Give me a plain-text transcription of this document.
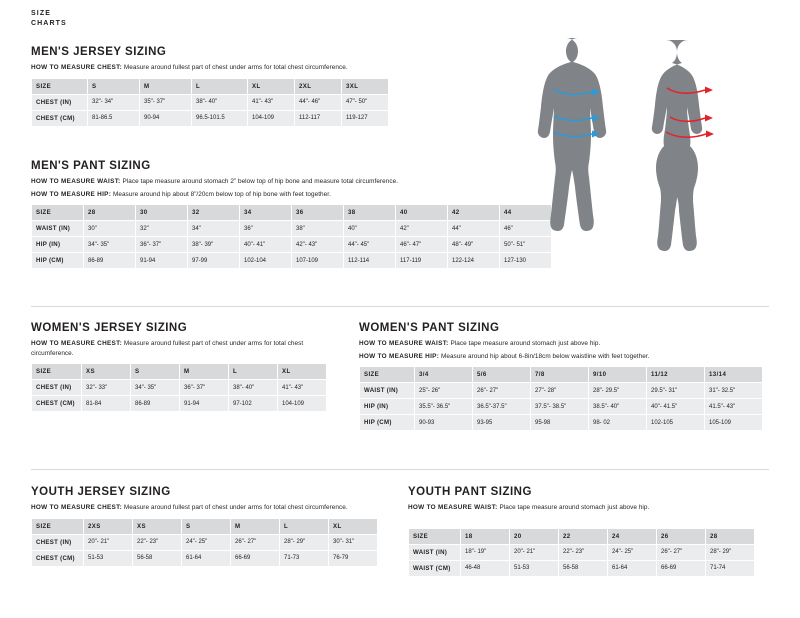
SIZE
CHARTS
MEN'S JERSEY SIZING

HOW TO MEASURE CHEST: Measure around fullest part of chest under arms for total chest circumference.

SIZE	S	M	L	XL	2XL	3XL
CHEST (IN)	32"- 34"	35"- 37"	38"- 40"	41"- 43"	44"- 46"	47"- 50"
CHEST (CM)	81-86.5	90-94	96.5-101.5	104-109	112-117	119-127
MEN'S PANT SIZING

HOW TO MEASURE WAIST: Place tape measure around stomach 2” below top of hip bone and measure total circumference.

HOW TO MEASURE HIP: Measure around hip about 8”/20cm below top of hip bone with feet together.

SIZE	28	30	32	34	36	38	40	42	44
WAIST (IN)	30"	32"	34"	36"	38"	40"	42"	44"	46"
HIP (IN)	34"- 35"	36"- 37"	38"- 39"	40"- 41"	42"- 43"	44"- 45"	46"- 47"	48"- 49"	50"- 51"
HIP (CM)	86-89	91-94	97-99	102-104	107-109	112-114	117-119	122-124	127-130
WOMEN'S JERSEY SIZING

HOW TO MEASURE CHEST: Measure around fullest part of chest under arms for total chest circumference.

SIZE	XS	S	M	L	XL
CHEST (IN)	32"- 33"	34"- 35"	36"- 37"	38"- 40"	41"- 43"
CHEST (CM)	81-84	86-89	91-94	97-102	104-109
WOMEN'S PANT SIZING

HOW TO MEASURE WAIST: Place tape measure around stomach just above hip.

HOW TO MEASURE HIP: Measure around hip about 6-8in/18cm below waistline with feet together.

SIZE	3/4	5/6	7/8	9/10	11/12	13/14
WAIST (IN)	25"- 26"	26"- 27"	27"- 28"	28"- 29.5"	29.5"- 31"	31"- 32.5"
HIP (IN)	35.5"- 36.5"	36.5"-37.5"	37.5"- 38.5"	38.5"- 40"	40"- 41.5"	41.5"- 43"
HIP (CM)	90-93	93-95	95-98	98- 02	102-105	105-109
YOUTH JERSEY SIZING

HOW TO MEASURE CHEST: Measure around fullest part of chest under arms for total chest circumference.

SIZE	2XS	XS	S	M	L	XL
CHEST (IN)	20"- 21"	22"- 23"	24"- 25"	26"- 27"	28"- 29"	30"- 31"
CHEST (CM)	51-53	56-58	61-64	66-69	71-73	76-79
YOUTH PANT SIZING

HOW TO MEASURE WAIST: Place tape measure around stomach just above hip.

SIZE	18	20	22	24	26	28
WAIST (IN)	18"- 19"	20"- 21"	22"- 23"	24"- 25"	26"- 27"	28"- 29"
WAIST (CM)	46-48	51-53	56-58	61-64	66-69	71-74
